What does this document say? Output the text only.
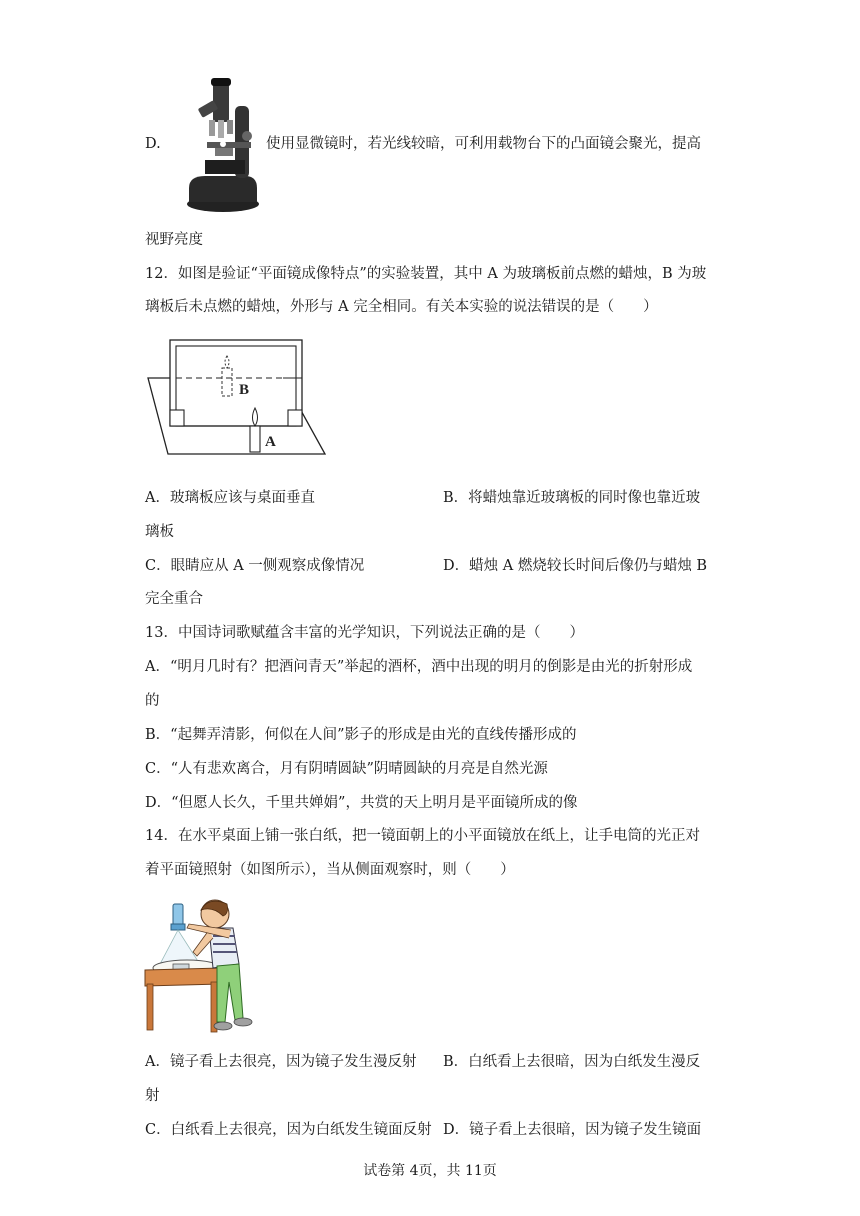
D.	使用显微镜时，若光线较暗，可利用载物台下的凸面镜会聚光，提高
视野亮度
12．如图是验证“平面镜成像特点”的实验装置，其中 A 为玻璃板前点燃的蜡烛，B 为玻
璃板后未点燃的蜡烛，外形与 A 完全相同。有关本实验的说法错误的是（　　）
B
A
A．玻璃板应该与桌面垂直	B．将蜡烛靠近玻璃板的同时像也靠近玻
璃板
C．眼睛应从 A 一侧观察成像情况	D．蜡烛 A 燃烧较长时间后像仍与蜡烛 B
完全重合
13．中国诗词歌赋蕴含丰富的光学知识，下列说法正确的是（　　）
A．“明月几时有？把酒问青天”举起的酒杯，酒中出现的明月的倒影是由光的折射形成
的
B．“起舞弄清影，何似在人间”影子的形成是由光的直线传播形成的
C．“人有悲欢离合，月有阴晴圆缺”阴晴圆缺的月亮是自然光源
D．“但愿人长久，千里共婵娟”，共赏的天上明月是平面镜所成的像
14．在水平桌面上铺一张白纸，把一镜面朝上的小平面镜放在纸上，让手电筒的光正对
着平面镜照射（如图所示），当从侧面观察时，则（　　）
A．镜子看上去很亮，因为镜子发生漫反射 B．白纸看上去很暗，因为白纸发生漫反
射
C．白纸看上去很亮，因为白纸发生镜面反射 D．镜子看上去很暗，因为镜子发生镜面
试卷第 4页，共 11页
